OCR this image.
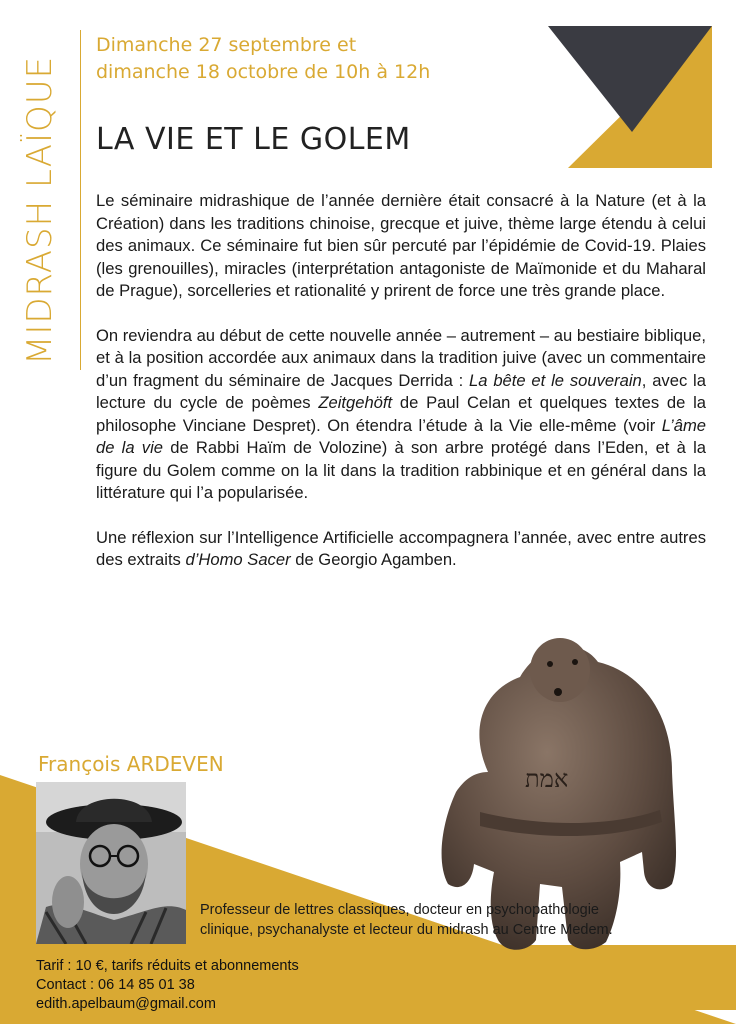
MIDRASH LAÏQUE
Dimanche 27 septembre et
dimanche 18 octobre de 10h à 12h
LA VIE ET LE GOLEM

Le séminaire midrashique de l’année dernière était consacré à la Nature (et à la Création) dans les traditions chinoise, grecque et juive, thème large étendu à celui des animaux. Ce séminaire fut bien sûr percuté par l’épidémie de Covid-19. Plaies (les grenouilles), miracles (interprétation antagoniste de Maïmonide et du Maharal de Prague), sorcelleries et rationalité y prirent de force une très grande place.

On reviendra au début de cette nouvelle année – autrement – au bestiaire biblique, et à la position accordée aux animaux dans la tradition juive (avec un commentaire d’un fragment du séminaire de Jacques Derrida : La bête et le souverain, avec la lecture du cycle de poèmes Zeitgehöft de Paul Celan et quelques textes de la philosophe Vinciane Despret). On étendra l’étude à la Vie elle-même (voir L’âme de la vie de Rabbi Haïm de Volozine) à son arbre protégé dans l’Eden, et à la figure du Golem comme on la lit dans la tradition rabbinique et en général dans la littérature qui l’a popularisée.

Une réflexion sur l’Intelligence Artificielle accompagnera l’année, avec entre autres des extraits d’Homo Sacer de Georgio Agamben.

אמת
François ARDEVEN
Professeur de lettres classiques, docteur en psychopathologie
clinique, psychanalyste et lecteur du midrash au Centre Medem.
Tarif : 10 €, tarifs réduits et abonnements
Contact : 06 14 85 01 38
edith.apelbaum@gmail.com
